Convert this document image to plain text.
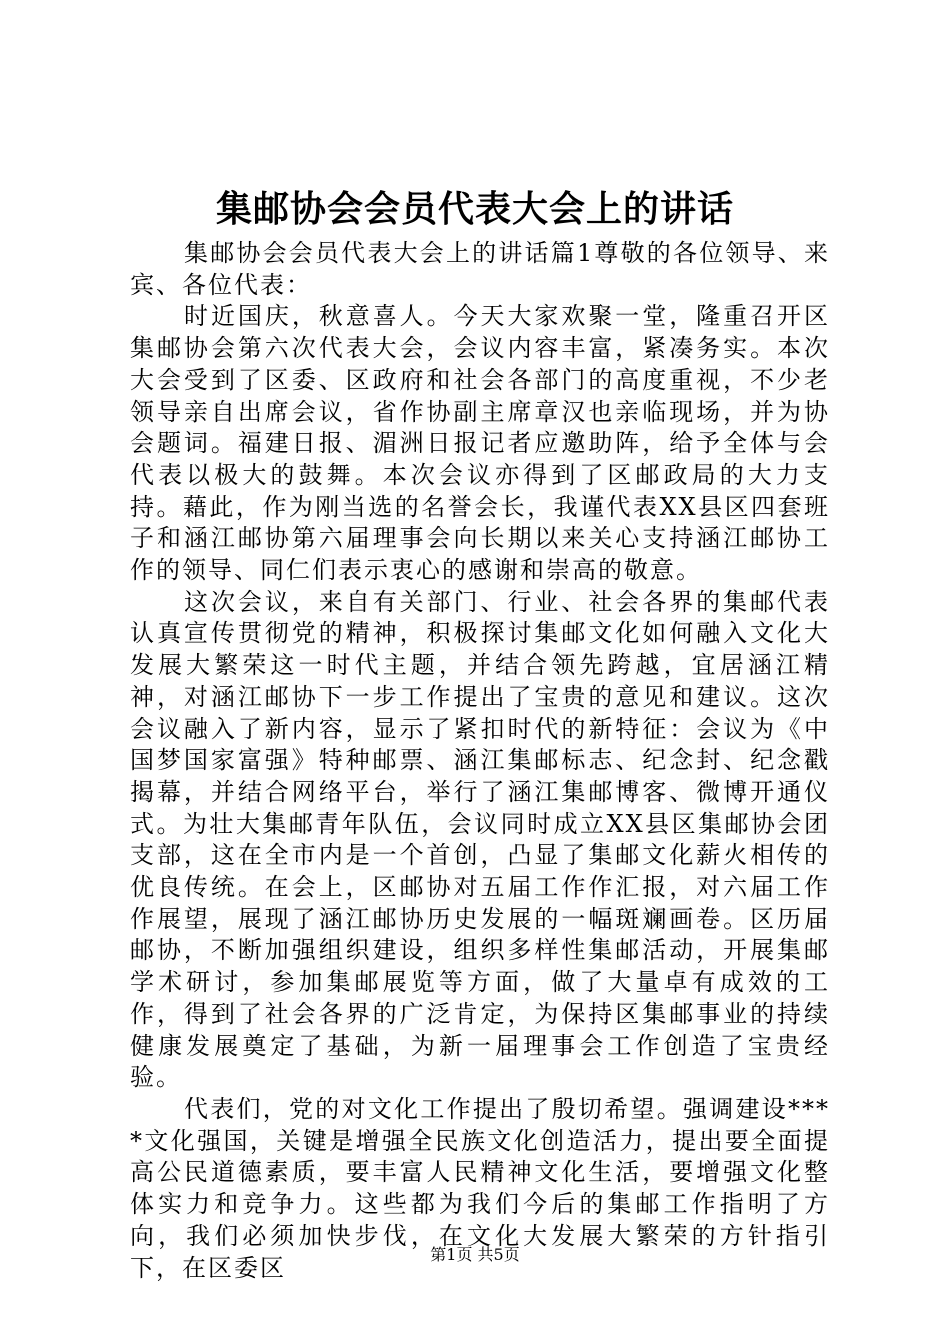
集邮协会会员代表大会上的讲话

集邮协会会员代表大会上的讲话篇1尊敬的各位领导、来宾、各位代表：

时近国庆，秋意喜人。今天大家欢聚一堂，隆重召开区集邮协会第六次代表大会，会议内容丰富，紧凑务实。本次大会受到了区委、区政府和社会各部门的高度重视，不少老领导亲自出席会议，省作协副主席章汉也亲临现场，并为协会题词。福建日报、湄洲日报记者应邀助阵，给予全体与会代表以极大的鼓舞。本次会议亦得到了区邮政局的大力支持。藉此，作为刚当选的名誉会长，我谨代表XX县区四套班子和涵江邮协第六届理事会向长期以来关心支持涵江邮协工作的领导、同仁们表示衷心的感谢和崇高的敬意。

这次会议，来自有关部门、行业、社会各界的集邮代表认真宣传贯彻党的精神，积极探讨集邮文化如何融入文化大发展大繁荣这一时代主题，并结合领先跨越，宜居涵江精神，对涵江邮协下一步工作提出了宝贵的意见和建议。这次会议融入了新内容，显示了紧扣时代的新特征：会议为《中国梦国家富强》特种邮票、涵江集邮标志、纪念封、纪念戳揭幕，并结合网络平台，举行了涵江集邮博客、微博开通仪式。为壮大集邮青年队伍，会议同时成立XX县区集邮协会团支部，这在全市内是一个首创，凸显了集邮文化薪火相传的优良传统。在会上，区邮协对五届工作作汇报，对六届工作作展望，展现了涵江邮协历史发展的一幅斑斓画卷。区历届邮协，不断加强组织建设，组织多样性集邮活动，开展集邮学术研讨，参加集邮展览等方面，做了大量卓有成效的工作，得到了社会各界的广泛肯定，为保持区集邮事业的持续健康发展奠定了基础，为新一届理事会工作创造了宝贵经验。

代表们，党的对文化工作提出了殷切希望。强调建设****文化强国，关键是增强全民族文化创造活力，提出要全面提高公民道德素质，要丰富人民精神文化生活，要增强文化整体实力和竞争力。这些都为我们今后的集邮工作指明了方向，我们必须加快步伐，在文化大发展大繁荣的方针指引下，在区委区	第1页 共5页
